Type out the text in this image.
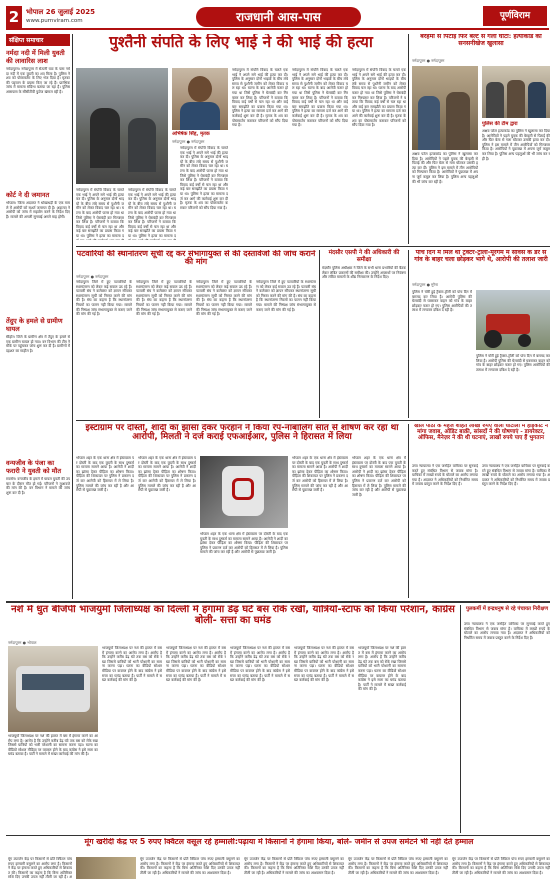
2 भोपाल 26 जुलाई 2025
www.purnviram.com	राजधानी आस-पास	पूर्णविराम
संक्षिप्त समाचार
नर्मदा नदी में मिली युवती की लावारिस लाश
नर्मदापुरम। नर्मदापुरम में सेठानी घाट के पास नर्मदा नदी में एक युवती का शव मिला है। पुलिस ने शव को पोस्टमार्टम के लिए भेज दिया है। मृतका की पहचान के प्रयास किए जा रहे हैं। प्रारंभिक जांच में मामला संदिग्ध बताया जा रहा है। पुलिस आसपास के सीसीटीवी फुटेज खंगाल रही है।
कोर्ट ने दी जमानत
भोपाल। जिला अदालत ने धोखाधड़ी के एक मामले में आरोपी को सशर्त जमानत दी है। अदालत ने आरोपी को जांच में सहयोग करने के निर्देश दिए हैं। मामले की अगली सुनवाई अगले माह होगी।
तेंदुए के हमले से ग्रामीण घायल
सीहोर। जिले के ग्रामीण क्षेत्र में तेंदुए के हमले से एक ग्रामीण घायल हो गया। वन विभाग की टीम ने मौके पर पहुंचकर जांच शुरू कर दी है। ग्रामीणों में दहशत का माहौल है।
वन्यजीव के पंजा का फरारी ने युवती को मौत
रायसेन। वन्यजीव के हमले में घायल युवती की उपचार के दौरान मौत हो गई। परिजनों ने मुआवजे की मांग की है। वन विभाग ने मामले की जांच शुरू कर दी है।
पुश्तैनी संपति के लिए भाई ने की भाई की हत्या
अभिषेक सिंह, मृतक
नर्मदापुरम ● नर्मदापुरम
नर्मदापुरम में संपत्ति विवाद के चलते एक भाई ने अपने सगे भाई की हत्या कर दी। पुलिस के अनुसार दोनों भाइयों के बीच लंबे समय से पुश्तैनी जमीन को लेकर विवाद चल रहा था। घटना के बाद आरोपी फरार हो गया था जिसे पुलिस ने घेराबंदी कर गिरफ्तार कर लिया है। परिजनों ने बताया कि विवाद कई वर्षों से चल रहा था और कई बार समझौते का प्रयास किया गया था। पुलिस ने हत्या का मामला द
नर्मदापुरम में संपत्ति विवाद के चलते एक भाई ने अपने सगे भाई की हत्या कर दी। पुलिस के अनुसार दोनों भाइयों के बीच लंबे समय से पुश्तैनी जमीन को लेकर विवाद चल रहा था। घटना के बाद आरोपी फरार हो गया था जिसे पुलिस ने घेराबंदी कर गिरफ्तार कर लिया है। परिजनों ने बताया कि विवाद कई वर्षों से चल रहा था और कई बार समझौते का प्रयास किया गया था। पुलिस ने हत्या का मामला द
नर्मदापुरम में संपत्ति विवाद के चलते एक भाई ने अपने सगे भाई की हत्या कर दी। पुलिस के अनुसार दोनों भाइयों के बीच लंबे समय से पुश्तैनी जमीन को लेकर विवाद चल रहा था। घटना के बाद आरोपी फरार हो गया था जिसे पुलिस ने घेराबंदी कर गिरफ्तार कर लिया है। परिजनों ने बताया कि विवाद कई वर्षों से चल रहा था और कई बार समझौते का प्रयास किया गया था। पुलिस ने हत्या का मामला दर्ज कर आगे की कार्रवाई शुरू कर दी है। मृतक के शव का पोस्टमार्टम कराकर परिजनों को सौंप दिया गया है।
नर्मदापुरम में संपत्ति विवाद के चलते एक भाई ने अपने सगे भाई की हत्या कर दी। पुलिस के अनुसार दोनों भाइयों के बीच लंबे समय से पुश्तैनी जमीन को लेकर विवाद चल रहा था। घटना के बाद आरोपी फरार हो गया था जिसे पुलिस ने घेराबंदी कर गिरफ्तार कर लिया है। परिजनों ने बताया कि विवाद कई वर्षों से चल रहा था और कई बार समझौते का प्रयास किया गया था। पुलिस ने हत्या का मामला दर्ज कर आगे की कार्रवाई शुरू कर दी है। मृतक के शव का पोस्टमार्टम कराकर परिजनों को सौंप दिया गया है।
नर्मदापुरम में संपत्ति विवाद के चलते एक भाई ने अपने सगे भाई की हत्या कर दी। पुलिस के अनुसार दोनों भाइयों के बीच लंबे समय से पुश्तैनी जमीन को लेकर विवाद चल रहा था। घटना के बाद आरोपी फरार हो गया था जिसे पुलिस ने घेराबंदी कर गिरफ्तार कर लिया है। परिजनों ने बताया कि विवाद कई वर्षों से चल रहा था और कई बार समझौते का प्रयास किया गया था। पुलिस ने हत्या का मामला दर्ज कर आगे की कार्रवाई शुरू कर दी है। मृतक के शव का पोस्टमार्टम कराकर परिजनों को सौंप दिया गया है।
नर्मदापुरम में संपत्ति विवाद के चलते एक भाई ने अपने सगे भाई की हत्या कर दी। पुलिस के अनुसार दोनों भाइयों के बीच लंबे समय से पुश्तैनी जमीन को लेकर विवाद चल रहा था। घटना के बाद आरोपी फरार हो गया था जिसे पुलिस ने घेराबंदी कर गिरफ्तार कर लिया है। परिजनों ने बताया कि विवाद कई वर्षों से चल रहा था और कई बार समझौते का प्रयास किया गया था। पुलिस ने हत्या का मामला दर्ज कर आगे की कार्रवाई शुरू कर दी है। मृतक के शव का पोस्टमार्टम कराकर परिजनों को सौंप दिया गया है।
बेरहमी से पिटाई फिर बेल्ट से गला घोंटा: हत्याकांड का सनसनीखेज खुलासा
नर्मदापुरम ● नर्मदापुरम
अक्षय पटेल हत्याकांड का पुलिस ने खुलासा कर दिया है। आरोपियों ने पहले युवक की बेरहमी से पिटाई की और फिर बेल्ट से गला घोंटकर उसकी हत्या कर दी। पुलिस ने इस मामले में तीन आरोपियों को गिरफ्तार किया है। आरोपियों ने पूछताछ में अपना जुर्म कबूल कर लिया है। पुलिस अन्य पहलुओं की भी जांच कर रही है।
पुलिस की टीम द्वारा
अक्षय पटेल हत्याकांड का पुलिस ने खुलासा कर दिया है। आरोपियों ने पहले युवक की बेरहमी से पिटाई की और फिर बेल्ट से गला घोंटकर उसकी हत्या कर दी। पुलिस ने इस मामले में तीन आरोपियों को गिरफ्तार किया है। आरोपियों ने पूछताछ में अपना जुर्म कबूल कर लिया है। पुलिस अन्य पहलुओं की भी जांच कर रही है।
पटवारियों की स्थानांतरण सूची रद्द कर संभागायुक्त से की दस्तावेजों की जांच कराने की मांग
नर्मदापुरम ● नर्मदापुरम
नर्मदापुरम जिले में हुए पटवारियों के स्थानांतरण को लेकर कई सवाल उठ रहे हैं। पटवारी संघ ने कलेक्टर को ज्ञापन सौंपकर स्थानांतरण सूची को निरस्त करने की मांग की है। संघ का कहना है कि स्थानांतरण नियमों का पालन नहीं किया गया। मामले की निष्पक्ष जांच संभागायुक्त से कराए जाने की मांग की गई है।
नर्मदापुरम जिले में हुए पटवारियों के स्थानांतरण को लेकर कई सवाल उठ रहे हैं। पटवारी संघ ने कलेक्टर को ज्ञापन सौंपकर स्थानांतरण सूची को निरस्त करने की मांग की है। संघ का कहना है कि स्थानांतरण नियमों का पालन नहीं किया गया। मामले की निष्पक्ष जांच संभागायुक्त से कराए जाने की मांग की गई है।
नर्मदापुरम जिले में हुए पटवारियों के स्थानांतरण को लेकर कई सवाल उठ रहे हैं। पटवारी संघ ने कलेक्टर को ज्ञापन सौंपकर स्थानांतरण सूची को निरस्त करने की मांग की है। संघ का कहना है कि स्थानांतरण नियमों का पालन नहीं किया गया। मामले की निष्पक्ष जांच संभागायुक्त से कराए जाने की मांग की गई है।
नर्मदापुरम जिले में हुए पटवारियों के स्थानांतरण को लेकर कई सवाल उठ रहे हैं। पटवारी संघ ने कलेक्टर को ज्ञापन सौंपकर स्थानांतरण सूची को निरस्त करने की मांग की है। संघ का कहना है कि स्थानांतरण नियमों का पालन नहीं किया गया। मामले की निष्पक्ष जांच संभागायुक्त से कराए जाने की मांग की गई है।
मंदसौर एसपी ने की अधिकारी की समीक्षा
मंदसौर पुलिस अधीक्षक ने जिले के सभी थाना प्रभारियों की बैठक लेकर लंबित प्रकरणों की समीक्षा की। उन्होंने अपराधों पर नियंत्रण और लंबित मामलों के शीघ्र निराकरण के निर्देश दिए।
पांच दिन में मिले थी ट्रैक्टर-ट्रॉली-मूरंगम में सर्विस के डर से गांव के बाहर चला छोड़कर भागे थे, आरोपी की तलाश जारी
नर्मदापुरम ● मुरैना
पुलिस ने चोरी हुई ट्रैक्टर-ट्रॉली को पांच दिन में बरामद कर लिया है। आरोपी पुलिस की घेराबंदी से घबराकर वाहन को गांव के बाहर छोड़कर फरार हो गए। पुलिस आरोपियों की तलाश में लगातार दबिश दे रही है।
पुलिस ने चोरी हुई ट्रैक्टर-ट्रॉली को पांच दिन में बरामद कर लिया है। आरोपी पुलिस की घेराबंदी से घबराकर वाहन को गांव के बाहर छोड़कर फरार हो गए। पुलिस आरोपियों की तलाश में लगातार दबिश दे रही है।
इंस्टाग्राम पर दोस्ती, शादी का झांसा देकर फरहान ने किया रेप-नाबालिग सात से शोषण कर रहा था आरोपी, मिलती ने दर्ज कराई एफआईआर, पुलिस ने हिरासत में लिया
भोपाल शहर के एक थाना क्षेत्र में इंस्टाग्राम पर दोस्ती के बाद एक युवती के साथ दुष्कर्म का मामला सामने आया है। आरोपी ने शादी का झांसा देकर पीड़िता का शोषण किया। पीड़िता की शिकायत पर पुलिस ने प्रकरण दर्ज कर आरोपी को हिरासत में ले लिया है। पुलिस मामले की जांच कर रही है और आरोपी से पूछताछ जारी है।
भोपाल शहर के एक थाना क्षेत्र में इंस्टाग्राम पर दोस्ती के बाद एक युवती के साथ दुष्कर्म का मामला सामने आया है। आरोपी ने शादी का झांसा देकर पीड़िता का शोषण किया। पीड़िता की शिकायत पर पुलिस ने प्रकरण दर्ज कर आरोपी को हिरासत में ले लिया है। पुलिस मामले की जांच कर रही है और आरोपी से पूछताछ जारी है।
भोपाल शहर के एक थाना क्षेत्र में इंस्टाग्राम पर दोस्ती के बाद एक युवती के साथ दुष्कर्म का मामला सामने आया है। आरोपी ने शादी का झांसा देकर पीड़िता का शोषण किया। पीड़िता की शिकायत पर पुलिस ने प्रकरण दर्ज कर आरोपी को हिरासत में ले लिया है। पुलिस मामले की जांच कर रही है और आरोपी से पूछताछ जारी है।
भोपाल शहर के एक थाना क्षेत्र में इंस्टाग्राम पर दोस्ती के बाद एक युवती के साथ दुष्कर्म का मामला सामने आया है। आरोपी ने शादी का झांसा देकर पीड़िता का शोषण किया। पीड़िता की शिकायत पर पुलिस ने प्रकरण दर्ज कर आरोपी को हिरासत में ले लिया है। पुलिस मामले की जांच कर रही है और आरोपी से पूछताछ जारी है।
भोपाल शहर के एक थाना क्षेत्र में इंस्टाग्राम पर दोस्ती के बाद एक युवती के साथ दुष्कर्म का मामला सामने आया है। आरोपी ने शादी का झांसा देकर पीड़िता का शोषण किया। पीड़िता की शिकायत पर पुलिस ने प्रकरण दर्ज कर आरोपी को हिरासत में ले लिया है। पुलिस मामले की जांच कर रही है और आरोपी से पूछताछ जारी है।
खोले पाठी के महज शहित लाखों रुपए वाला घोटाला में हाईकोर्ट ने मांगा जवाब, ऑडिट बाक़ी, सांसदों ने की घोषणाएं - डायरेक्टर, ऑफिस, मैनेज़र ने की थी घटनाएं, लाखों रुपये पाए हैं भुगतान
उच्च न्यायालय ने एक जनहित याचिका पर सुनवाई करते हुए संबंधित विभाग से जवाब मांगा है। याचिका में लाखों रुपये के घोटाले का आरोप लगाया गया है। अदालत ने अधिकारियों को निर्धारित समय में जवाब प्रस्तुत करने के निर्देश दिए हैं।
उच्च न्यायालय ने एक जनहित याचिका पर सुनवाई करते हुए संबंधित विभाग से जवाब मांगा है। याचिका में लाखों रुपये के घोटाले का आरोप लगाया गया है। अदालत ने अधिकारियों को निर्धारित समय में जवाब प्रस्तुत करने के निर्देश दिए हैं।
नशे में धुत बीजेपी भाजयुमो जिलाध्यक्ष का दिल्ली में हंगामा डेढ़ घंटे बस रोके रखी, यात्रियों-स्टाफ को किया परेशान, कांग्रेस बोली- सत्ता का घमंड
नर्मदापुरम ● भोपाल
भाजयुमो जिलाध्यक्ष पर नशे की हालत में बस में हंगामा करने का आरोप लगा है। आरोप है कि उन्होंने करीब डेढ़ घंटे तक बस को रोके रखा जिससे यात्रियों को भारी परेशानी का सामना करना पड़ा। घटना का वीडियो सोशल मीडिया पर वायरल होने के बाद कांग्रेस ने इसे सत्ता का घमंड बताया है। पार्टी ने मामले में सख्त कार्रवाई की मांग की है।
भाजयुमो जिलाध्यक्ष पर नशे की हालत में बस में हंगामा करने का आरोप लगा है। आरोप है कि उन्होंने करीब डेढ़ घंटे तक बस को रोके रखा जिससे यात्रियों को भारी परेशानी का सामना करना पड़ा। घटना का वीडियो सोशल मीडिया पर वायरल होने के बाद कांग्रेस ने इसे सत्ता का घमंड बताया है। पार्टी ने मामले में सख्त कार्रवाई की मांग की है।
भाजयुमो जिलाध्यक्ष पर नशे की हालत में बस में हंगामा करने का आरोप लगा है। आरोप है कि उन्होंने करीब डेढ़ घंटे तक बस को रोके रखा जिससे यात्रियों को भारी परेशानी का सामना करना पड़ा। घटना का वीडियो सोशल मीडिया पर वायरल होने के बाद कांग्रेस ने इसे सत्ता का घमंड बताया है। पार्टी ने मामले में सख्त कार्रवाई की मांग की है।
भाजयुमो जिलाध्यक्ष पर नशे की हालत में बस में हंगामा करने का आरोप लगा है। आरोप है कि उन्होंने करीब डेढ़ घंटे तक बस को रोके रखा जिससे यात्रियों को भारी परेशानी का सामना करना पड़ा। घटना का वीडियो सोशल मीडिया पर वायरल होने के बाद कांग्रेस ने इसे सत्ता का घमंड बताया है। पार्टी ने मामले में सख्त कार्रवाई की मांग की है।
भाजयुमो जिलाध्यक्ष पर नशे की हालत में बस में हंगामा करने का आरोप लगा है। आरोप है कि उन्होंने करीब डेढ़ घंटे तक बस को रोके रखा जिससे यात्रियों को भारी परेशानी का सामना करना पड़ा। घटना का वीडियो सोशल मीडिया पर वायरल होने के बाद कांग्रेस ने इसे सत्ता का घमंड बताया है। पार्टी ने मामले में सख्त कार्रवाई की मांग की है।
भाजयुमो जिलाध्यक्ष पर नशे की हालत में बस में हंगामा करने का आरोप लगा है। आरोप है कि उन्होंने करीब डेढ़ घंटे तक बस को रोके रखा जिससे यात्रियों को भारी परेशानी का सामना करना पड़ा। घटना का वीडियो सोशल मीडिया पर वायरल होने के बाद कांग्रेस ने इसे सत्ता का घमंड बताया है। पार्टी ने मामले में सख्त कार्रवाई की मांग की है।
पुलकर्मी में इन्द्रधनुष से रहे पंचायत निरीक्षण
उच्च न्यायालय ने एक जनहित याचिका पर सुनवाई करते हुए संबंधित विभाग से जवाब मांगा है। याचिका में लाखों रुपये के घोटाले का आरोप लगाया गया है। अदालत ने अधिकारियों को निर्धारित समय में जवाब प्रस्तुत करने के निर्देश दिए हैं।
मूंग खरीदी केंद्र पर 5 रुपए क्विंटल वसूल रहे हम्माली:पढ़ाया में किसानों ने हंगामा किया, बोले- जमीन से उपज समेटने भी नहीं देते हम्माल
मूंग उपार्जन केंद्र पर किसानों से प्रति क्विंटल पांच रुपए हम्माली वसूलने का आरोप लगा है। किसानों ने केंद्र पर हंगामा करते हुए अधिकारियों से शिकायत की। किसानों का कहना है कि बिना अतिरिक्त राशि दिए उनकी उपज नहीं तौली जा रही है। अ
मूंग उपार्जन केंद्र पर किसानों से प्रति क्विंटल पांच रुपए हम्माली वसूलने का आरोप लगा है। किसानों ने केंद्र पर हंगामा करते हुए अधिकारियों से शिकायत की। किसानों का कहना है कि बिना अतिरिक्त राशि दिए उनकी उपज नहीं तौली जा रही है। अधिकारियों ने मामले की जांच का आश्वासन दिया है।
मूंग उपार्जन केंद्र पर किसानों से प्रति क्विंटल पांच रुपए हम्माली वसूलने का आरोप लगा है। किसानों ने केंद्र पर हंगामा करते हुए अधिकारियों से शिकायत की। किसानों का कहना है कि बिना अतिरिक्त राशि दिए उनकी उपज नहीं तौली जा रही है। अधिकारियों ने मामले की जांच का आश्वासन दिया है।
मूंग उपार्जन केंद्र पर किसानों से प्रति क्विंटल पांच रुपए हम्माली वसूलने का आरोप लगा है। किसानों ने केंद्र पर हंगामा करते हुए अधिकारियों से शिकायत की। किसानों का कहना है कि बिना अतिरिक्त राशि दिए उनकी उपज नहीं तौली जा रही है। अधिकारियों ने मामले की जांच का आश्वासन दिया है।
मूंग उपार्जन केंद्र पर किसानों से प्रति क्विंटल पांच रुपए हम्माली वसूलने का आरोप लगा है। किसानों ने केंद्र पर हंगामा करते हुए अधिकारियों से शिकायत की। किसानों का कहना है कि बिना अतिरिक्त राशि दिए उनकी उपज नहीं तौली जा रही है। अधिकारियों ने मामले की जांच का आश्वासन दिया है।
